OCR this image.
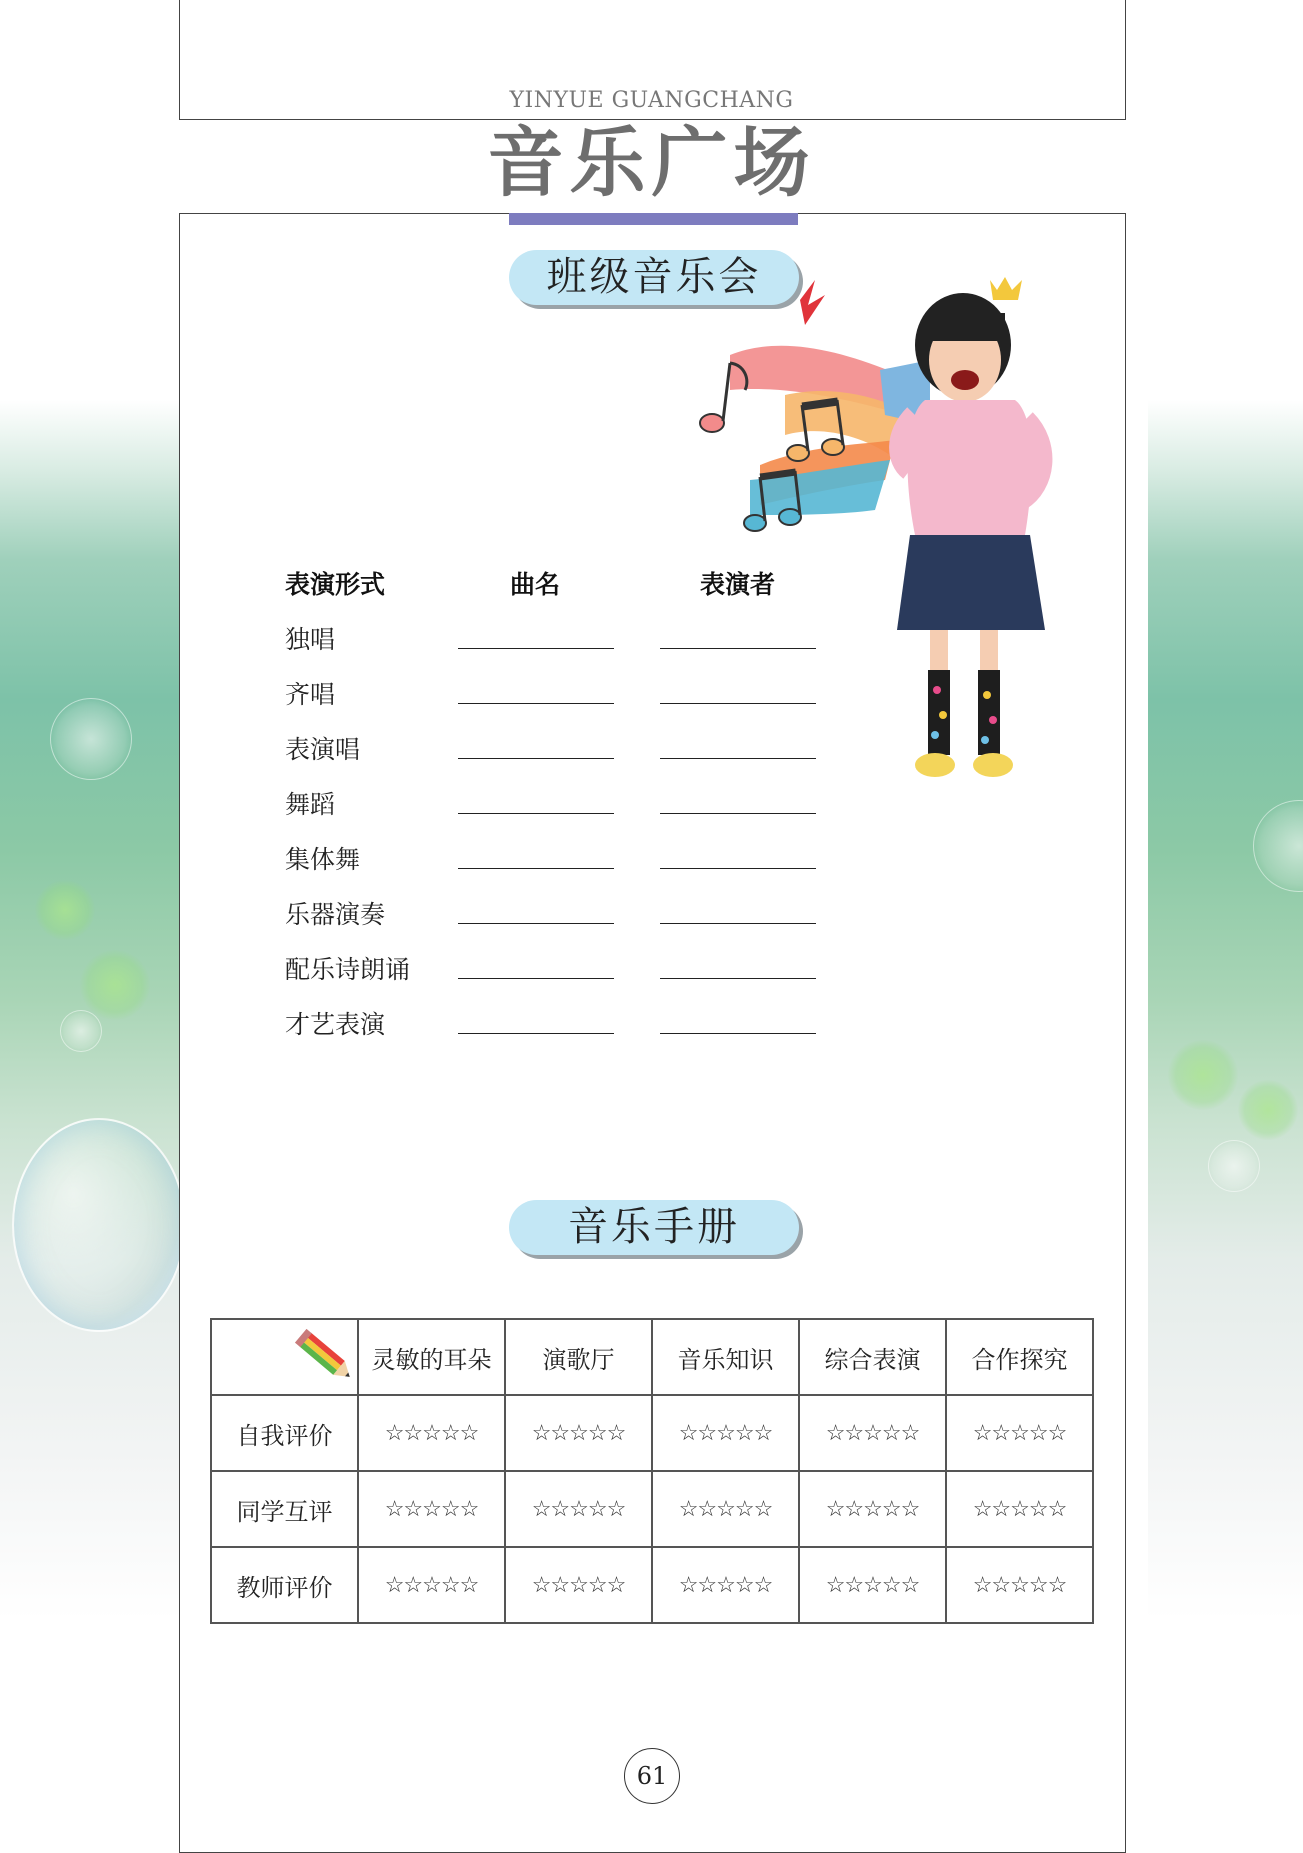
YINYUE GUANGCHANG
音乐广场
班级音乐会
表演形式	曲名	表演者
独唱
齐唱
表演唱
舞蹈
集体舞
乐器演奏
配乐诗朗诵
才艺表演
音乐手册
	灵敏的耳朵	演歌厅	音乐知识	综合表演	合作探究
自我评价	☆☆☆☆☆	☆☆☆☆☆	☆☆☆☆☆	☆☆☆☆☆	☆☆☆☆☆
同学互评	☆☆☆☆☆	☆☆☆☆☆	☆☆☆☆☆	☆☆☆☆☆	☆☆☆☆☆
教师评价	☆☆☆☆☆	☆☆☆☆☆	☆☆☆☆☆	☆☆☆☆☆	☆☆☆☆☆
61
